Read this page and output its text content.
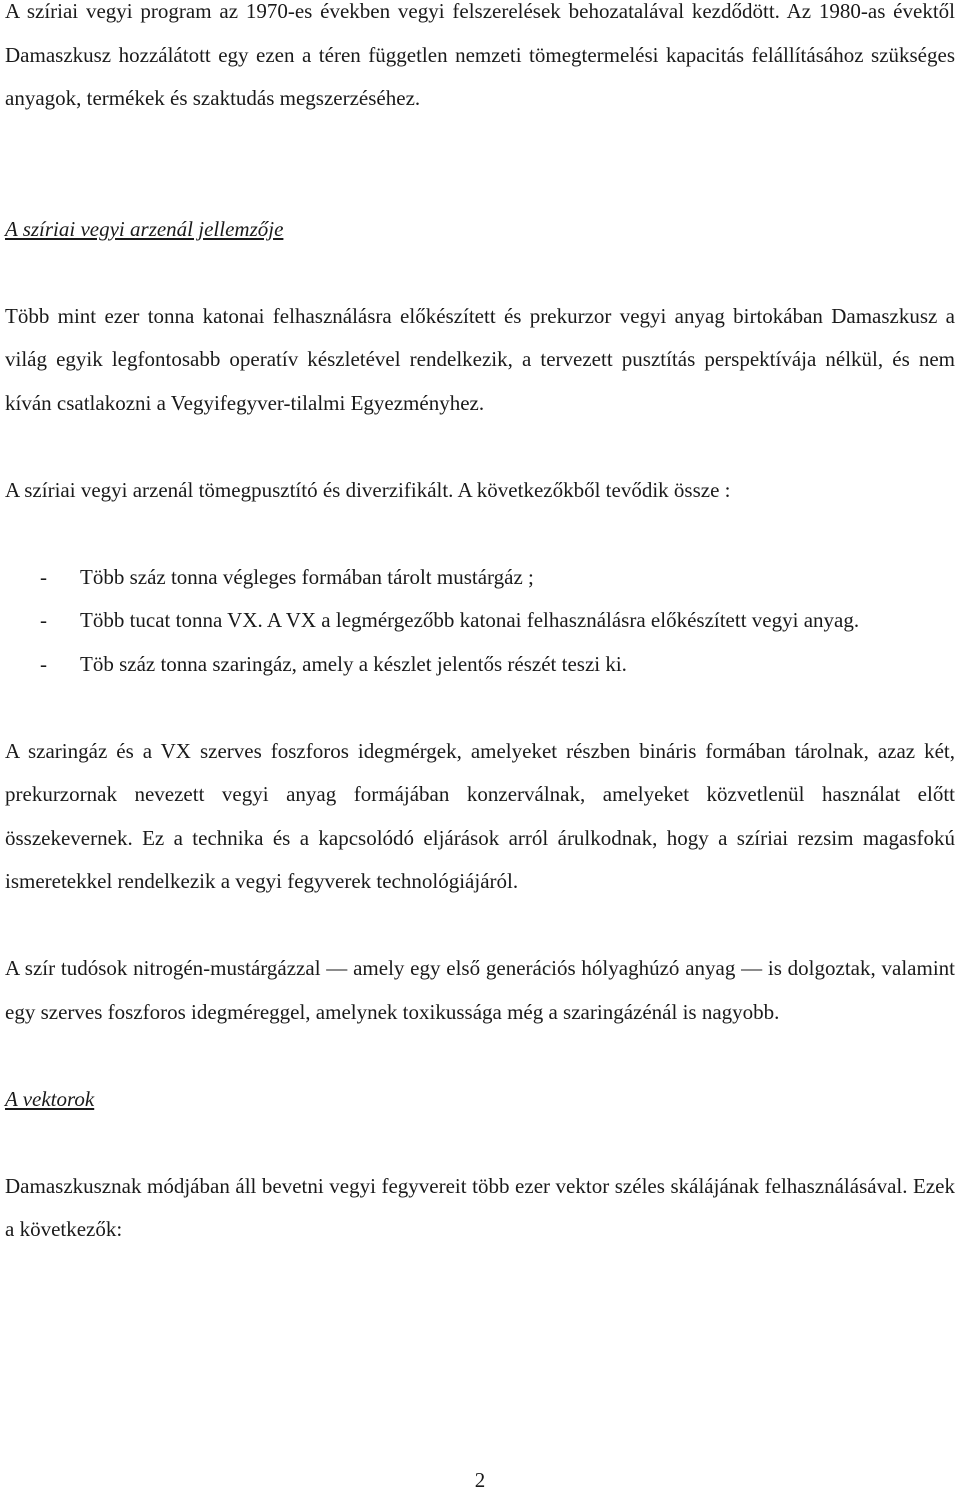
A szíriai vegyi program az 1970-es években vegyi felszerelések behozatalával kezdődött. Az 1980-as évektől Damaszkusz hozzálátott egy ezen a téren független nemzeti tömegtermelési kapacitás felállításához szükséges anyagok, termékek és szaktudás megszerzéséhez.

A szíriai vegyi arzenál jellemzője

Több mint ezer tonna katonai felhasználásra előkészített és prekurzor vegyi anyag birtokában Damaszkusz a világ egyik legfontosabb operatív készletével rendelkezik, a tervezett pusztítás perspektívája nélkül, és nem kíván csatlakozni a Vegyifegyver-tilalmi Egyezményhez.

A szíriai vegyi arzenál tömegpusztító és diverzifikált. A következőkből tevődik össze :

- Több száz tonna végleges formában tárolt mustárgáz ;
- Több tucat tonna VX. A VX a legmérgezőbb katonai felhasználásra előkészített vegyi anyag.
- Töb száz tonna szaringáz, amely a készlet jelentős részét teszi ki.

A szaringáz és a VX szerves foszforos idegmérgek, amelyeket részben bináris formában tárolnak, azaz két, prekurzornak nevezett vegyi anyag formájában konzerválnak, amelyeket közvetlenül használat előtt összekevernek. Ez a technika és a kapcsolódó eljárások arról árulkodnak, hogy a szíriai rezsim magasfokú ismeretekkel rendelkezik a vegyi fegyverek technológiájáról.

A szír tudósok nitrogén-mustárgázzal — amely egy első generációs hólyaghúzó anyag — is dolgoztak, valamint egy szerves foszforos idegméreggel, amelynek toxikussága még a szaringázénál is nagyobb.

A vektorok

Damaszkusznak módjában áll bevetni vegyi fegyvereit több ezer vektor széles skálájának felhasználásával. Ezek a következők:

2
